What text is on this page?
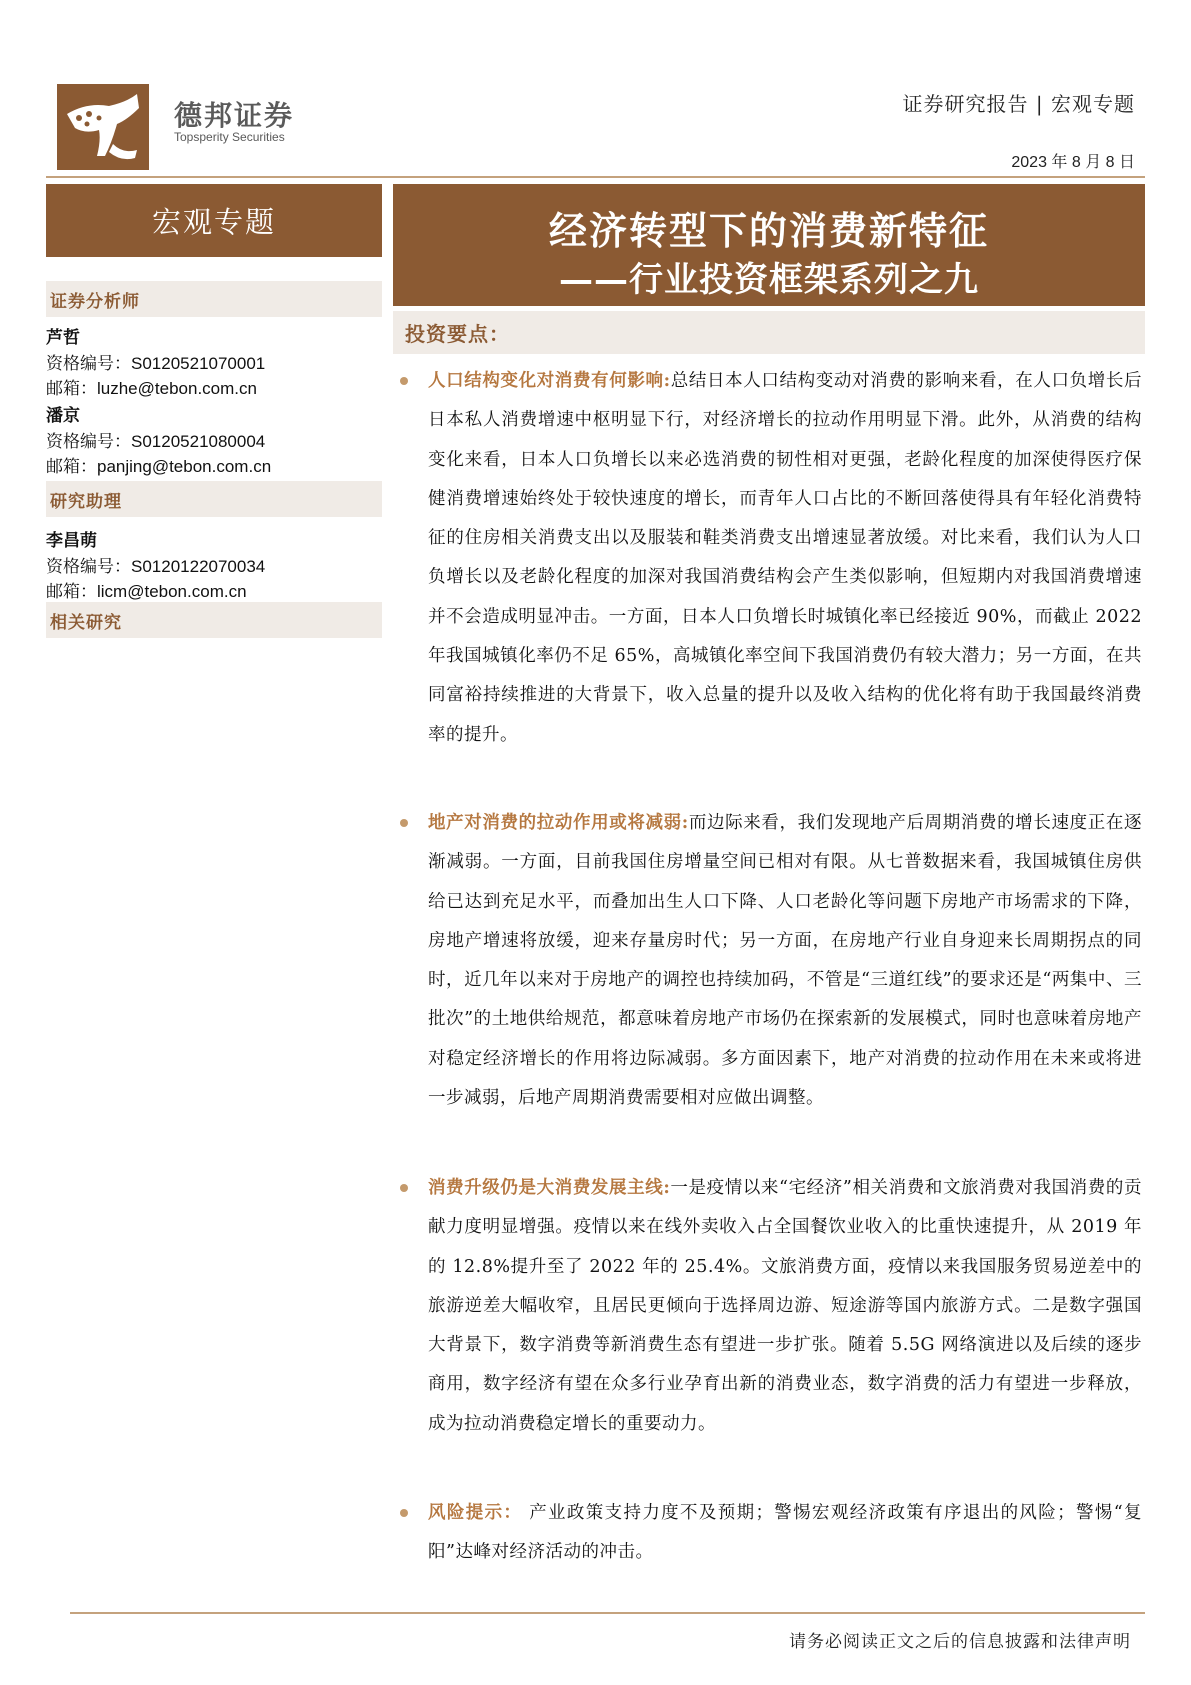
德邦证券
Topsperity Securities
证券研究报告 | 宏观专题
2023 年 8 月 8 日
宏观专题
证券分析师
芦哲
资格编号：S0120521070001
邮箱：luzhe@tebon.com.cn
潘京
资格编号：S0120521080004
邮箱：panjing@tebon.com.cn
研究助理
李昌萌
资格编号：S0120122070034
邮箱：licm@tebon.com.cn
相关研究
经济转型下的消费新特征
——行业投资框架系列之九
投资要点：
人口结构变化对消费有何影响:总结日本人口结构变动对消费的影响来看，在人口负增长后日本私人消费增速中枢明显下行，对经济增长的拉动作用明显下滑。此外，从消费的结构变化来看，日本人口负增长以来必选消费的韧性相对更强，老龄化程度的加深使得医疗保健消费增速始终处于较快速度的增长，而青年人口占比的不断回落使得具有年轻化消费特征的住房相关消费支出以及服装和鞋类消费支出增速显著放缓。对比来看，我们认为人口负增长以及老龄化程度的加深对我国消费结构会产生类似影响，但短期内对我国消费增速并不会造成明显冲击。一方面，日本人口负增长时城镇化率已经接近 90%，而截止 2022 年我国城镇化率仍不足 65%，高城镇化率空间下我国消费仍有较大潜力；另一方面，在共同富裕持续推进的大背景下，收入总量的提升以及收入结构的优化将有助于我国最终消费率的提升。
地产对消费的拉动作用或将减弱:而边际来看，我们发现地产后周期消费的增长速度正在逐渐减弱。一方面，目前我国住房增量空间已相对有限。从七普数据来看，我国城镇住房供给已达到充足水平，而叠加出生人口下降、人口老龄化等问题下房地产市场需求的下降，房地产增速将放缓，迎来存量房时代；另一方面，在房地产行业自身迎来长周期拐点的同时，近几年以来对于房地产的调控也持续加码，不管是“三道红线”的要求还是“两集中、三批次”的土地供给规范，都意味着房地产市场仍在探索新的发展模式，同时也意味着房地产对稳定经济增长的作用将边际减弱。多方面因素下，地产对消费的拉动作用在未来或将进一步减弱，后地产周期消费需要相对应做出调整。
消费升级仍是大消费发展主线:一是疫情以来“宅经济”相关消费和文旅消费对我国消费的贡献力度明显增强。疫情以来在线外卖收入占全国餐饮业收入的比重快速提升，从 2019 年的 12.8%提升至了 2022 年的 25.4%。文旅消费方面，疫情以来我国服务贸易逆差中的旅游逆差大幅收窄，且居民更倾向于选择周边游、短途游等国内旅游方式。二是数字强国大背景下，数字消费等新消费生态有望进一步扩张。随着 5.5G 网络演进以及后续的逐步商用，数字经济有望在众多行业孕育出新的消费业态，数字消费的活力有望进一步释放，成为拉动消费稳定增长的重要动力。
风险提示： 产业政策支持力度不及预期；警惕宏观经济政策有序退出的风险；警惕“复阳”达峰对经济活动的冲击。
请务必阅读正文之后的信息披露和法律声明
